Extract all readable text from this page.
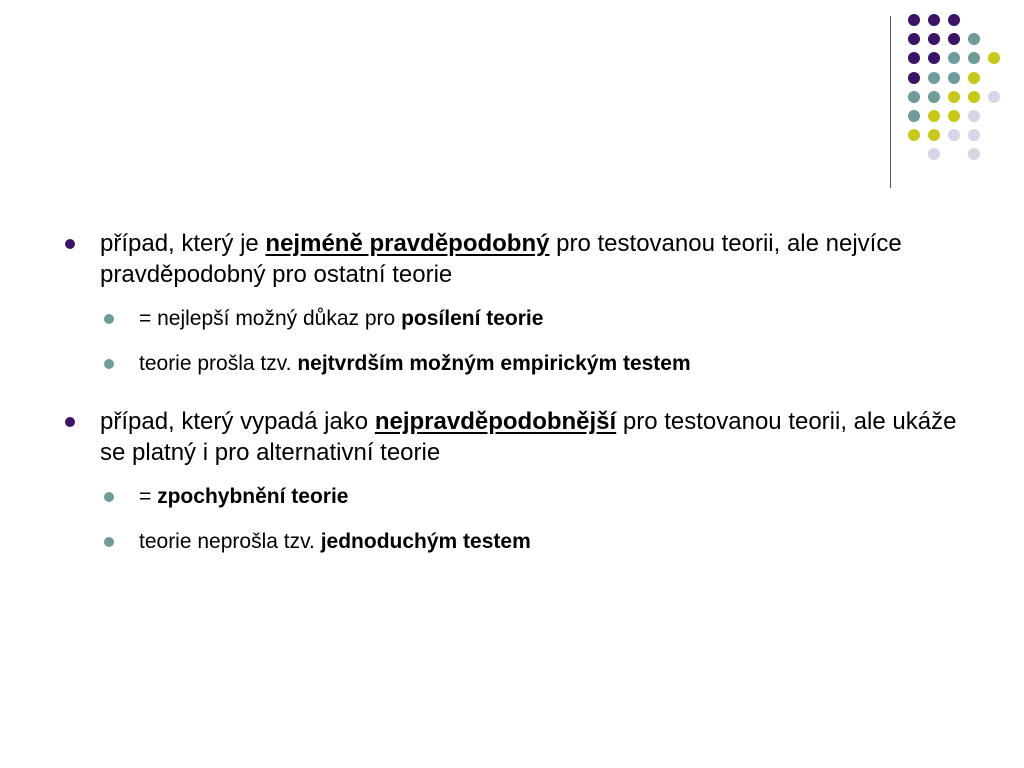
případ, který je nejméně pravděpodobný pro testovanou teorii, ale nejvíce pravděpodobný pro ostatní teorie

= nejlepší možný důkaz pro posílení teorie

teorie prošla tzv. nejtvrdším možným empirickým testem

případ, který vypadá jako nejpravděpodobnější pro testovanou teorii, ale ukáže se platný i pro alternativní teorie

= zpochybnění teorie

teorie neprošla tzv. jednoduchým testem
